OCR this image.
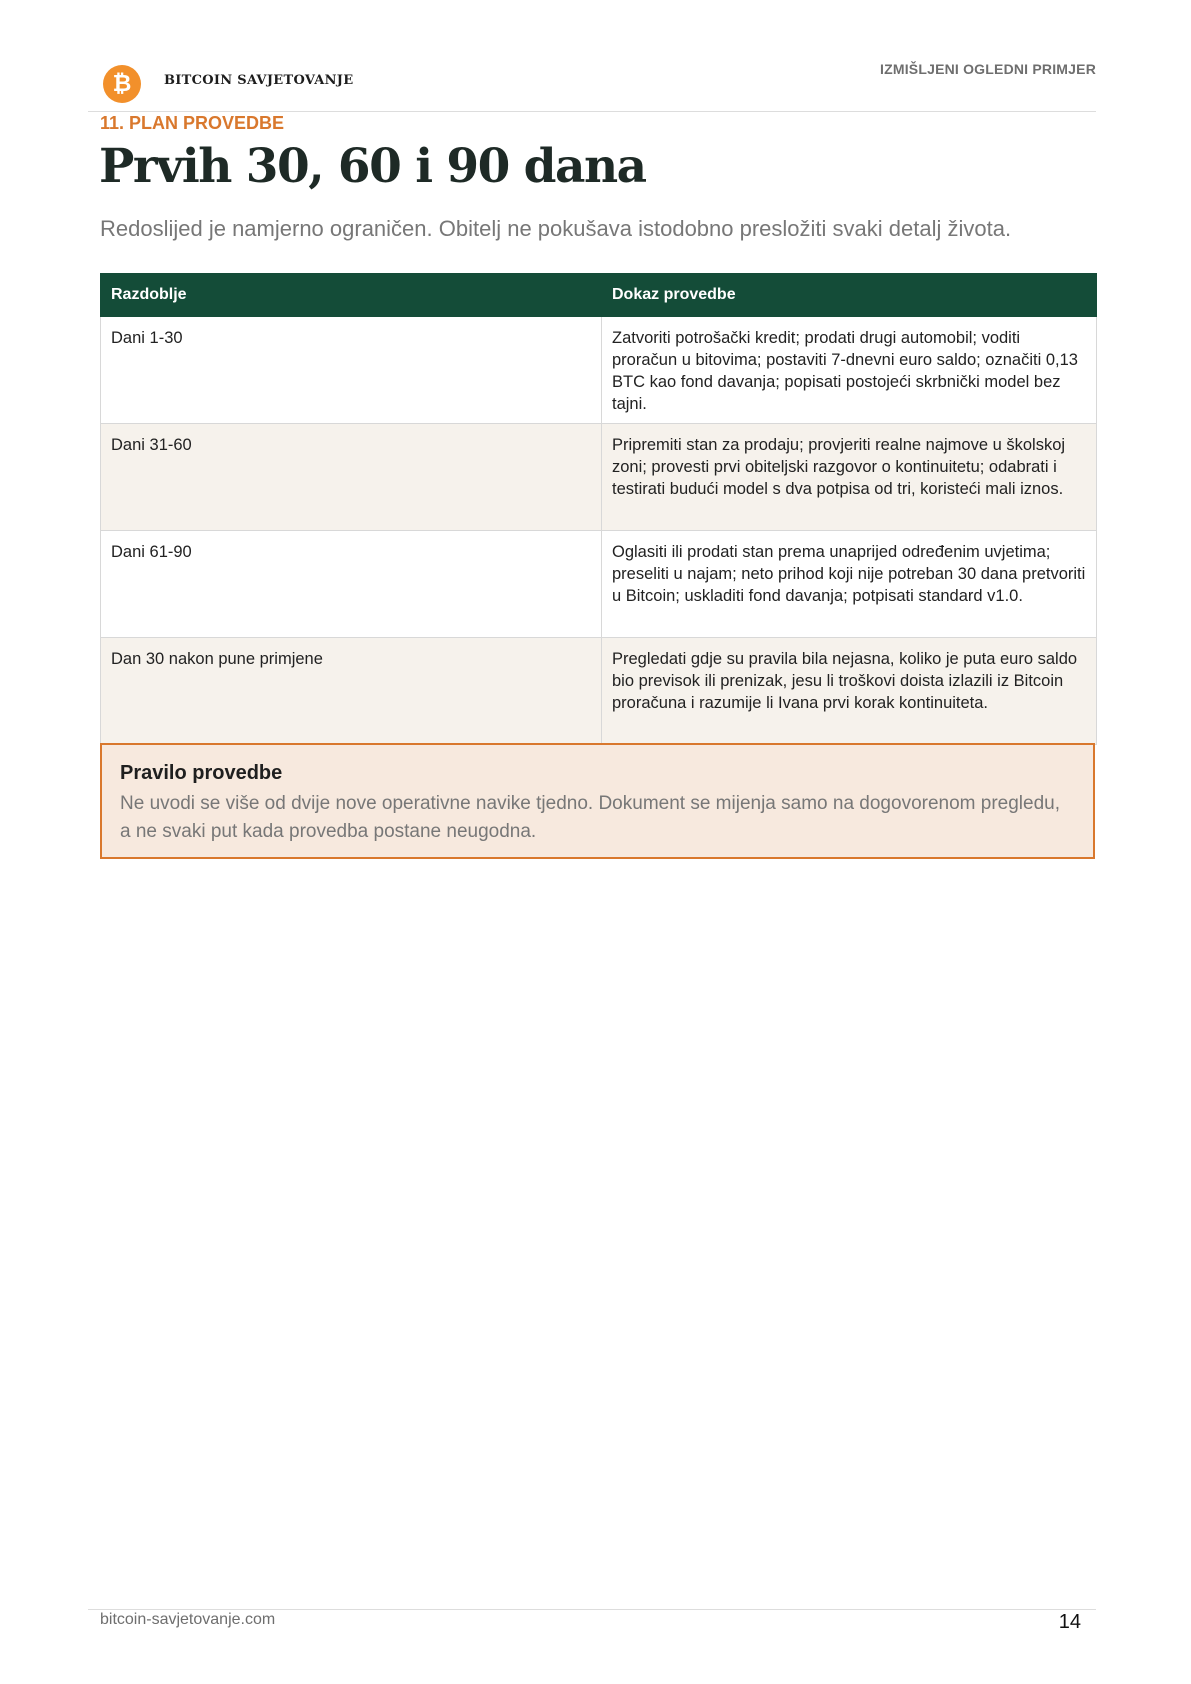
₿	BITCOIN SAVJETOVANJE
IZMIŠLJENI OGLEDNI PRIMJER
11. PLAN PROVEDBE
Prvih 30, 60 i 90 dana

Redoslijed je namjerno ograničen. Obitelj ne pokušava istodobno presložiti svaki detalj života.

Razdoblje	Dokaz provedbe
Dani 1-30	Zatvoriti potrošački kredit; prodati drugi automobil; voditi proračun u bitovima; postaviti 7-dnevni euro saldo; označiti 0,13 BTC kao fond davanja; popisati postojeći skrbnički model bez tajni.
Dani 31-60	Pripremiti stan za prodaju; provjeriti realne najmove u školskoj zoni; provesti prvi obiteljski razgovor o kontinuitetu; odabrati i testirati budući model s dva potpisa od tri, koristeći mali iznos.
Dani 61-90	Oglasiti ili prodati stan prema unaprijed određenim uvjetima; preseliti u najam; neto prihod koji nije potreban 30 dana pretvoriti u Bitcoin; uskladiti fond davanja; potpisati standard v1.0.
Dan 30 nakon pune primjene	Pregledati gdje su pravila bila nejasna, koliko je puta euro saldo bio previsok ili prenizak, jesu li troškovi doista izlazili iz Bitcoin proračuna i razumije li Ivana prvi korak kontinuiteta.

Pravilo provedbe

Ne uvodi se više od dvije nove operativne navike tjedno. Dokument se mijenja samo na dogovorenom pregledu, a ne svaki put kada provedba postane neugodna.

bitcoin-savjetovanje.com	14
